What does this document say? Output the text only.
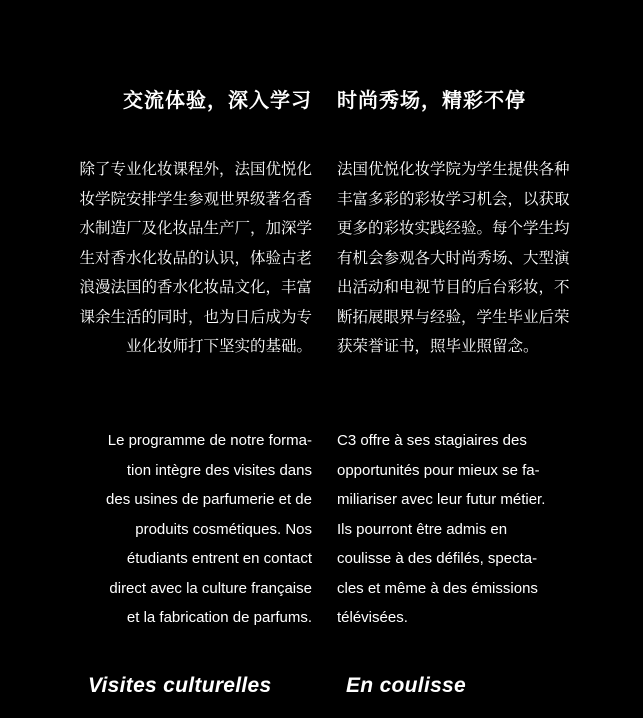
交流体验，深入学习
除了专业化妆课程外，法国优悦化妆学院安排学生参观世界级著名香水制造厂及化妆品生产厂，加深学生对香水化妆品的认识，体验古老浪漫法国的香水化妆品文化，丰富课余生活的同时，也为日后成为专业化妆师打下坚实的基础。
Le programme de notre forma-
tion intègre des visites dans
des usines de parfumerie et de
produits cosmétiques. Nos
étudiants entrent en contact
direct avec la culture française
et la fabrication de parfums.
时尚秀场，精彩不停
法国优悦化妆学院为学生提供各种丰富多彩的彩妆学习机会，以获取更多的彩妆实践经验。每个学生均有机会参观各大时尚秀场、大型演出活动和电视节目的后台彩妆，不断拓展眼界与经验，学生毕业后荣获荣誉证书，照毕业照留念。
C3 offre à ses stagiaires des
opportunités pour mieux se fa-
miliariser avec leur futur métier.
Ils pourront être admis en
coulisse à des défilés, specta-
cles et même à des émissions
télévisées.
Visites culturelles	En coulisse
